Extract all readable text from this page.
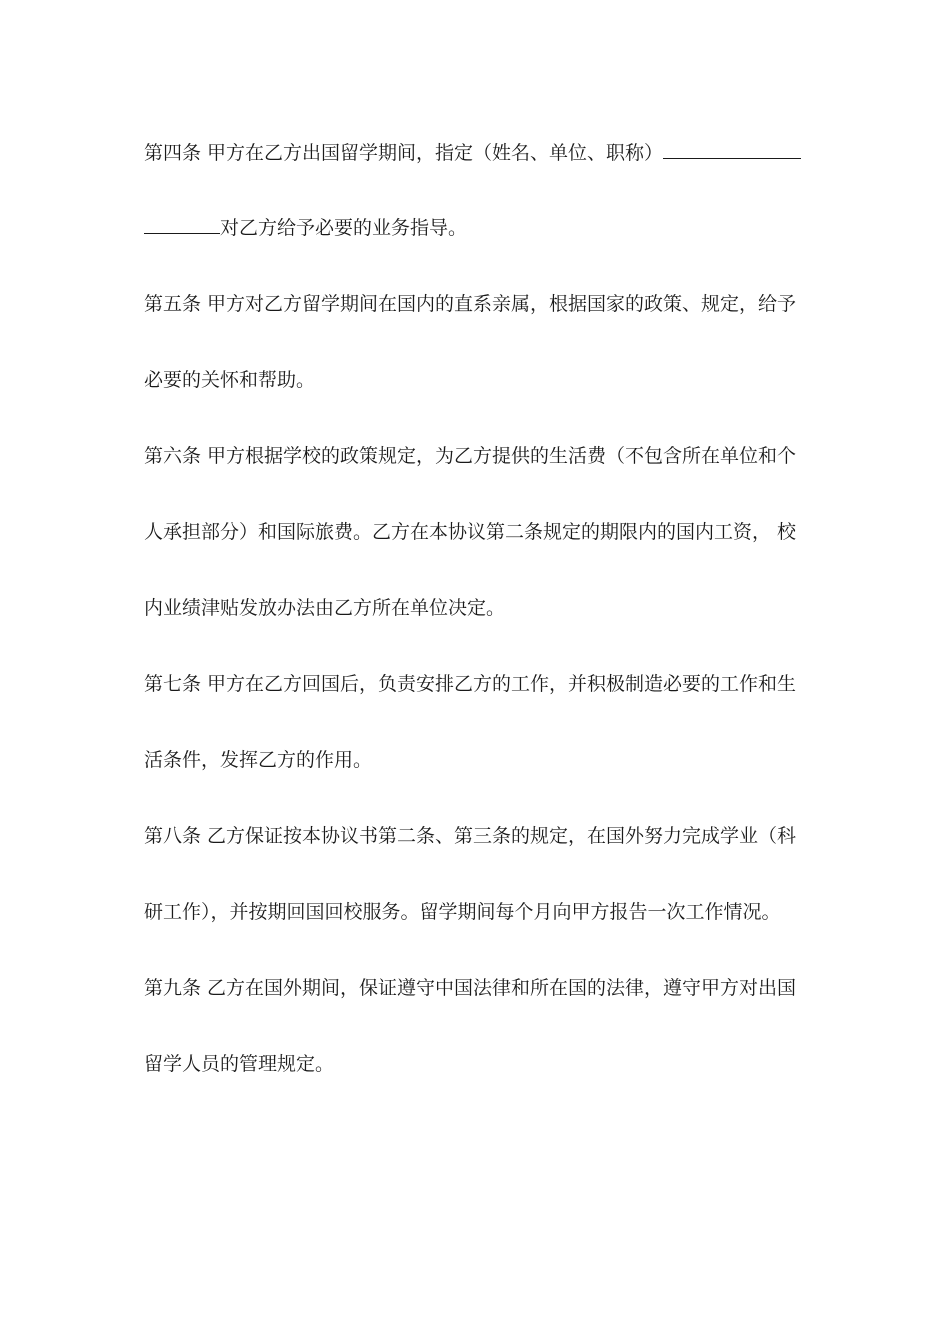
第四条 甲方在乙方出国留学期间，指定（姓名、单位、职称）
对乙方给予必要的业务指导。
第五条 甲方对乙方留学期间在国内的直系亲属，根据国家的政策、规定，给予
必要的关怀和帮助。
第六条 甲方根据学校的政策规定，为乙方提供的生活费（不包含所在单位和个
人承担部分）和国际旅费。乙方在本协议第二条规定的期限内的国内工资， 校
内业绩津贴发放办法由乙方所在单位决定。
第七条 甲方在乙方回国后，负责安排乙方的工作，并积极制造必要的工作和生
活条件，发挥乙方的作用。
第八条 乙方保证按本协议书第二条、第三条的规定，在国外努力完成学业（科
研工作），并按期回国回校服务。留学期间每个月向甲方报告一次工作情况。
第九条 乙方在国外期间，保证遵守中国法律和所在国的法律，遵守甲方对出国
留学人员的管理规定。
